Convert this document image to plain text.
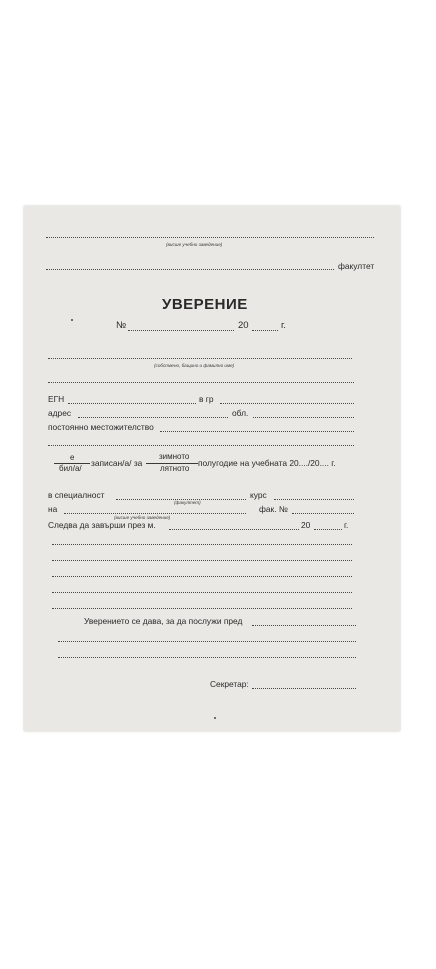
(висше учебно заведение)
факултет
УВЕРЕНИЕ
№	20	г.
(собствено, бащино и фамилно име)
ЕГН	в гр
адрес	обл.
постоянно местожителство
е
бил/а/
записан/а/ за
зимното
лятното
полугодие на учебната 20..../20.... г.
в специалност
(факултет)
курс
на	фак. №
(висше учебно заведение)
Следва да завърши през м.	20	г.
Уверението се дава, за да послужи пред
Секретар:
